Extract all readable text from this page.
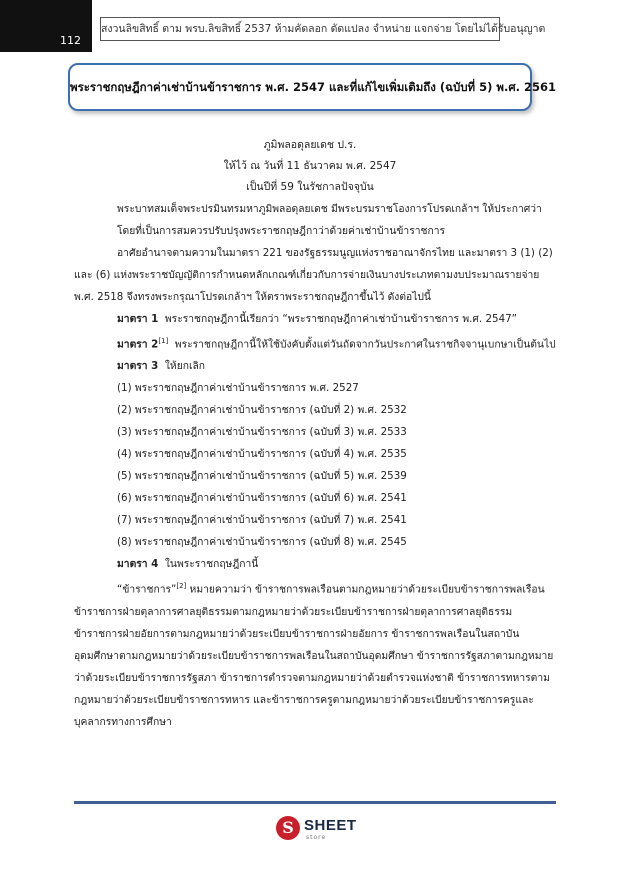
112
สงวนลิขสิทธิ์ ตาม พรบ.ลิขสิทธิ์ 2537 ห้ามคัดลอก ดัดแปลง จำหน่าย แจกจ่าย โดยไม่ได้รับอนุญาต
พระราชกฤษฎีกาค่าเช่าบ้านข้าราชการ พ.ศ. 2547 และที่แก้ไขเพิ่มเติมถึง (ฉบับที่ 5) พ.ศ. 2561
ภูมิพลอดุลยเดช ป.ร.
ให้ไว้ ณ วันที่ 11 ธันวาคม พ.ศ. 2547
เป็นปีที่ 59 ในรัชกาลปัจจุบัน

พระบาทสมเด็จพระปรมินทรมหาภูมิพลอดุลยเดช มีพระบรมราชโองการโปรดเกล้าฯ ให้ประกาศว่า

โดยที่เป็นการสมควรปรับปรุงพระราชกฤษฎีกาว่าด้วยค่าเช่าบ้านข้าราชการ

อาศัยอำนาจตามความในมาตรา 221 ของรัฐธรรมนูญแห่งราชอาณาจักรไทย และมาตรา 3 (1) (2) และ (6) แห่งพระราชบัญญัติการกำหนดหลักเกณฑ์เกี่ยวกับการจ่ายเงินบางประเภทตามงบประมาณรายจ่าย พ.ศ. 2518 จึงทรงพระกรุณาโปรดเกล้าฯ ให้ตราพระราชกฤษฎีกาขึ้นไว้ ดังต่อไปนี้

มาตรา 1 พระราชกฤษฎีกานี้เรียกว่า “พระราชกฤษฎีกาค่าเช่าบ้านข้าราชการ พ.ศ. 2547”

มาตรา 2[1] พระราชกฤษฎีกานี้ให้ใช้บังคับตั้งแต่วันถัดจากวันประกาศในราชกิจจานุเบกษาเป็นต้นไป

มาตรา 3 ให้ยกเลิก

(1) พระราชกฤษฎีกาค่าเช่าบ้านข้าราชการ พ.ศ. 2527

(2) พระราชกฤษฎีกาค่าเช่าบ้านข้าราชการ (ฉบับที่ 2) พ.ศ. 2532

(3) พระราชกฤษฎีกาค่าเช่าบ้านข้าราชการ (ฉบับที่ 3) พ.ศ. 2533

(4) พระราชกฤษฎีกาค่าเช่าบ้านข้าราชการ (ฉบับที่ 4) พ.ศ. 2535

(5) พระราชกฤษฎีกาค่าเช่าบ้านข้าราชการ (ฉบับที่ 5) พ.ศ. 2539

(6) พระราชกฤษฎีกาค่าเช่าบ้านข้าราชการ (ฉบับที่ 6) พ.ศ. 2541

(7) พระราชกฤษฎีกาค่าเช่าบ้านข้าราชการ (ฉบับที่ 7) พ.ศ. 2541

(8) พระราชกฤษฎีกาค่าเช่าบ้านข้าราชการ (ฉบับที่ 8) พ.ศ. 2545

มาตรา 4 ในพระราชกฤษฎีกานี้

“ข้าราชการ”[2] หมายความว่า ข้าราชการพลเรือนตามกฎหมายว่าด้วยระเบียบข้าราชการพลเรือน ข้าราชการฝ่ายตุลาการศาลยุติธรรมตามกฎหมายว่าด้วยระเบียบข้าราชการฝ่ายตุลาการศาลยุติธรรม ข้าราชการฝ่ายอัยการตามกฎหมายว่าด้วยระเบียบข้าราชการฝ่ายอัยการ ข้าราชการพลเรือนในสถาบันอุดมศึกษาตามกฎหมายว่าด้วยระเบียบข้าราชการพลเรือนในสถาบันอุดมศึกษา ข้าราชการรัฐสภาตามกฎหมายว่าด้วยระเบียบข้าราชการรัฐสภา ข้าราชการตำรวจตามกฎหมายว่าด้วยตำรวจแห่งชาติ ข้าราชการทหารตามกฎหมายว่าด้วยระเบียบข้าราชการทหาร และข้าราชการครูตามกฎหมายว่าด้วยระเบียบข้าราชการครูและบุคลากรทางการศึกษา

S SHEET
store
